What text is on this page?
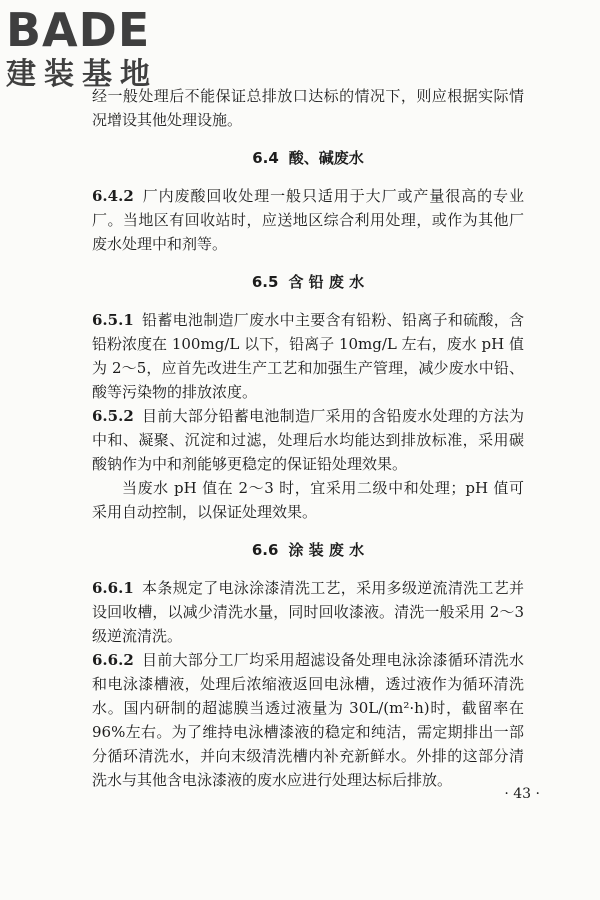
BADE
建装基地

经一般处理后不能保证总排放口达标的情况下，则应根据实际情况增设其他处理设施。

6.4 酸、碱废水

6.4.2 厂内废酸回收处理一般只适用于大厂或产量很高的专业厂。当地区有回收站时，应送地区综合利用处理，或作为其他厂废水处理中和剂等。

6.5 含 铅 废 水

6.5.1 铅蓄电池制造厂废水中主要含有铅粉、铅离子和硫酸，含铅粉浓度在 100mg/L 以下，铅离子 10mg/L 左右，废水 pH 值为 2～5，应首先改进生产工艺和加强生产管理，减少废水中铅、酸等污染物的排放浓度。

6.5.2 目前大部分铅蓄电池制造厂采用的含铅废水处理的方法为中和、凝聚、沉淀和过滤，处理后水均能达到排放标准，采用碳酸钠作为中和剂能够更稳定的保证铅处理效果。

当废水 pH 值在 2～3 时，宜采用二级中和处理；pH 值可采用自动控制，以保证处理效果。

6.6 涂 装 废 水

6.6.1 本条规定了电泳涂漆清洗工艺，采用多级逆流清洗工艺并设回收槽，以减少清洗水量，同时回收漆液。清洗一般采用 2～3 级逆流清洗。

6.6.2 目前大部分工厂均采用超滤设备处理电泳涂漆循环清洗水和电泳漆槽液，处理后浓缩液返回电泳槽，透过液作为循环清洗水。国内研制的超滤膜当透过液量为 30L/(m²·h)时，截留率在 96%左右。为了维持电泳槽漆液的稳定和纯洁，需定期排出一部分循环清洗水，并向末级清洗槽内补充新鲜水。外排的这部分清洗水与其他含电泳漆液的废水应进行处理达标后排放。

· 43 ·
